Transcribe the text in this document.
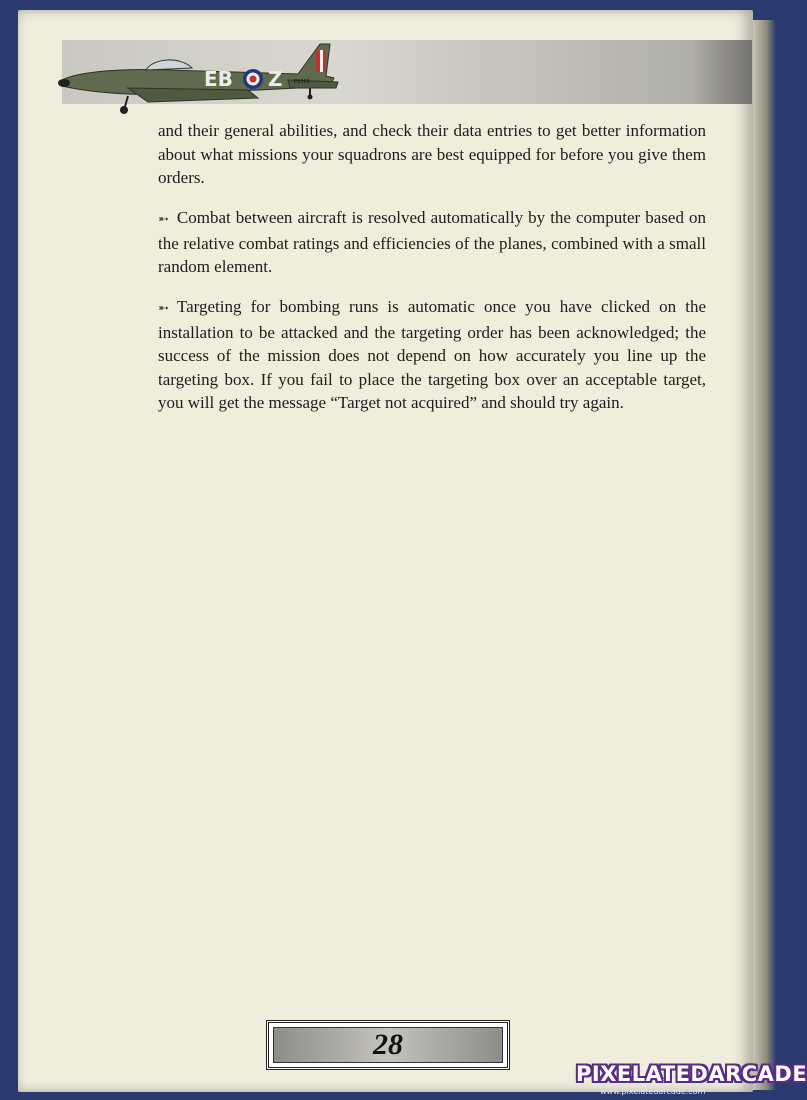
EB Z P9368
and their general abilities, and check their data entries to get better information about what missions your squadrons are best equipped for before you give them orders.
➵ Combat between aircraft is resolved automatically by the computer based on the relative combat ratings and efficiencies of the planes, combined with a small random element.
➵ Targeting for bombing runs is automatic once you have clicked on the installation to be attacked and the targeting order has been acknowledged; the success of the mission does not depend on how accurately you line up the targeting box. If you fail to place the targeting box over an acceptable target, you will get the message “Target not acquired” and should try again.
28
PIXELATEDARCADE
www.pixelatedarcade.com
